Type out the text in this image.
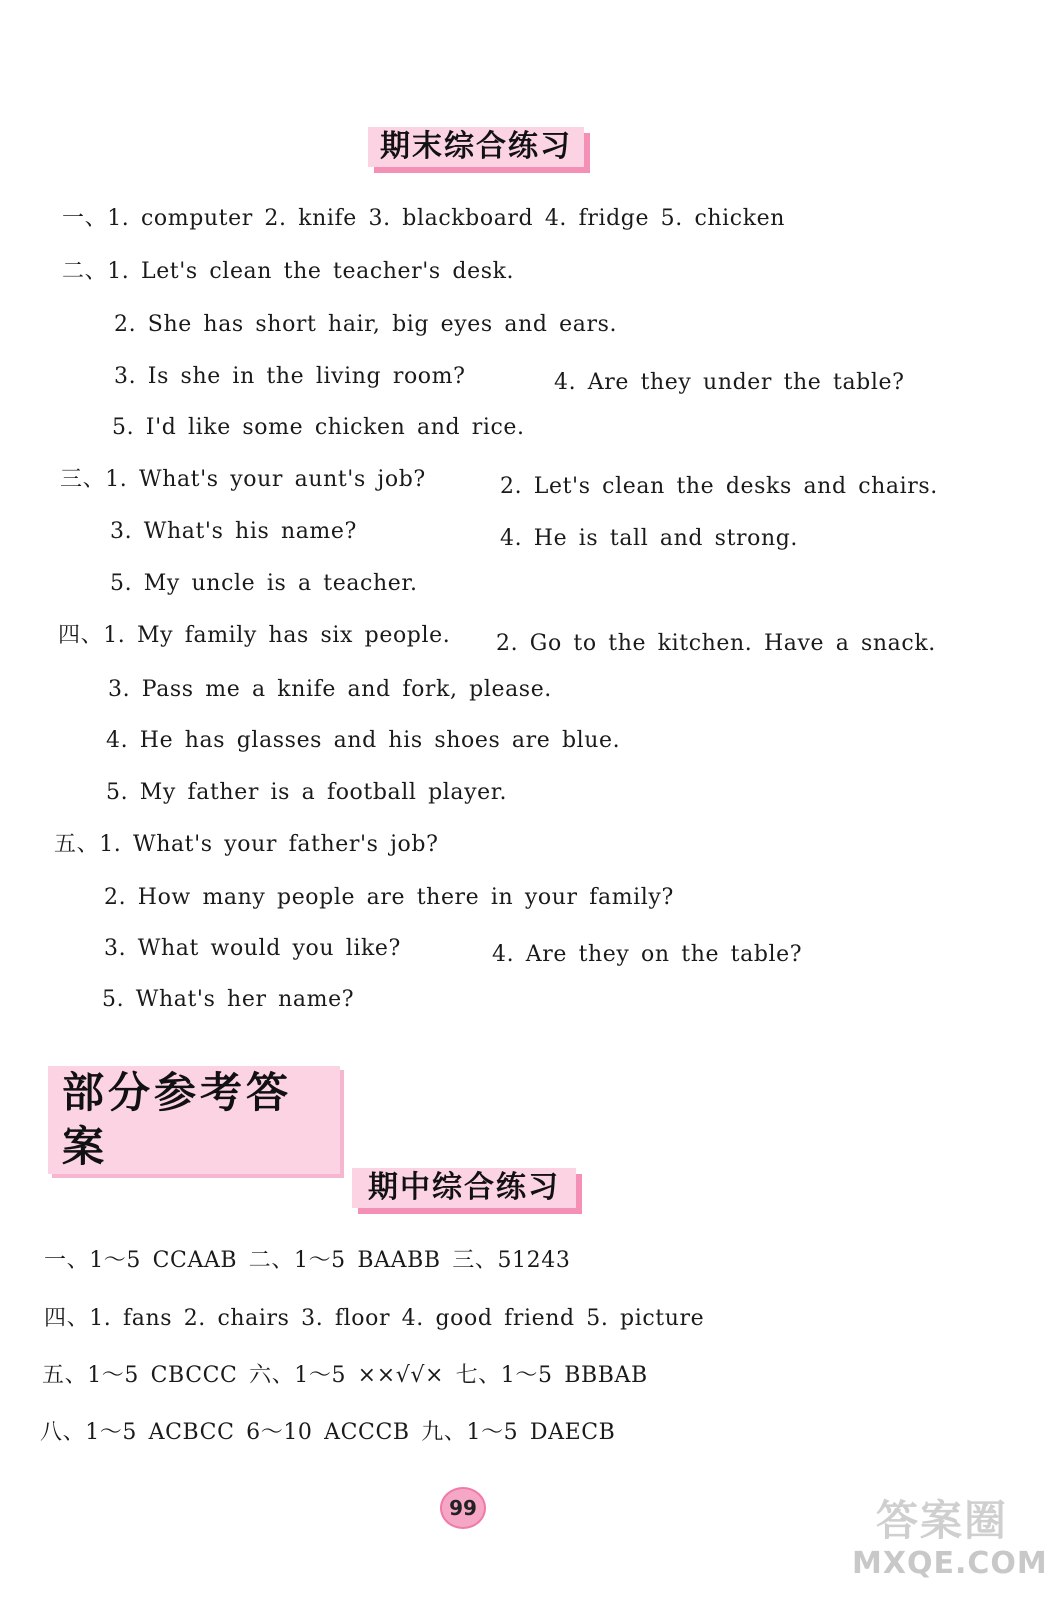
期末综合练习
一、1. computer 2. knife 3. blackboard 4. fridge 5. chicken
二、1. Let's clean the teacher's desk.
2. She has short hair, big eyes and ears.
3. Is she in the living room?	4. Are they under the table?
5. I'd like some chicken and rice.
三、1. What's your aunt's job?	2. Let's clean the desks and chairs.
3. What's his name?	4. He is tall and strong.
5. My uncle is a teacher.
四、1. My family has six people. 2. Go to the kitchen. Have a snack.
3. Pass me a knife and fork, please.
4. He has glasses and his shoes are blue.
5. My father is a football player.
五、1. What's your father's job?
2. How many people are there in your family?
3. What would you like?	4. Are they on the table?
5. What's her name?
部分参考答案
期中综合练习
一、1～5 CCAAB 二、1～5 BAABB 三、51243
四、1. fans 2. chairs 3. floor 4. good friend 5. picture
五、1～5 CBCCC 六、1～5 ××√√× 七、1～5 BBBAB
八、1～5 ACBCC 6～10 ACCCB 九、1～5 DAECB
99	答案圈
MXQE.COM
